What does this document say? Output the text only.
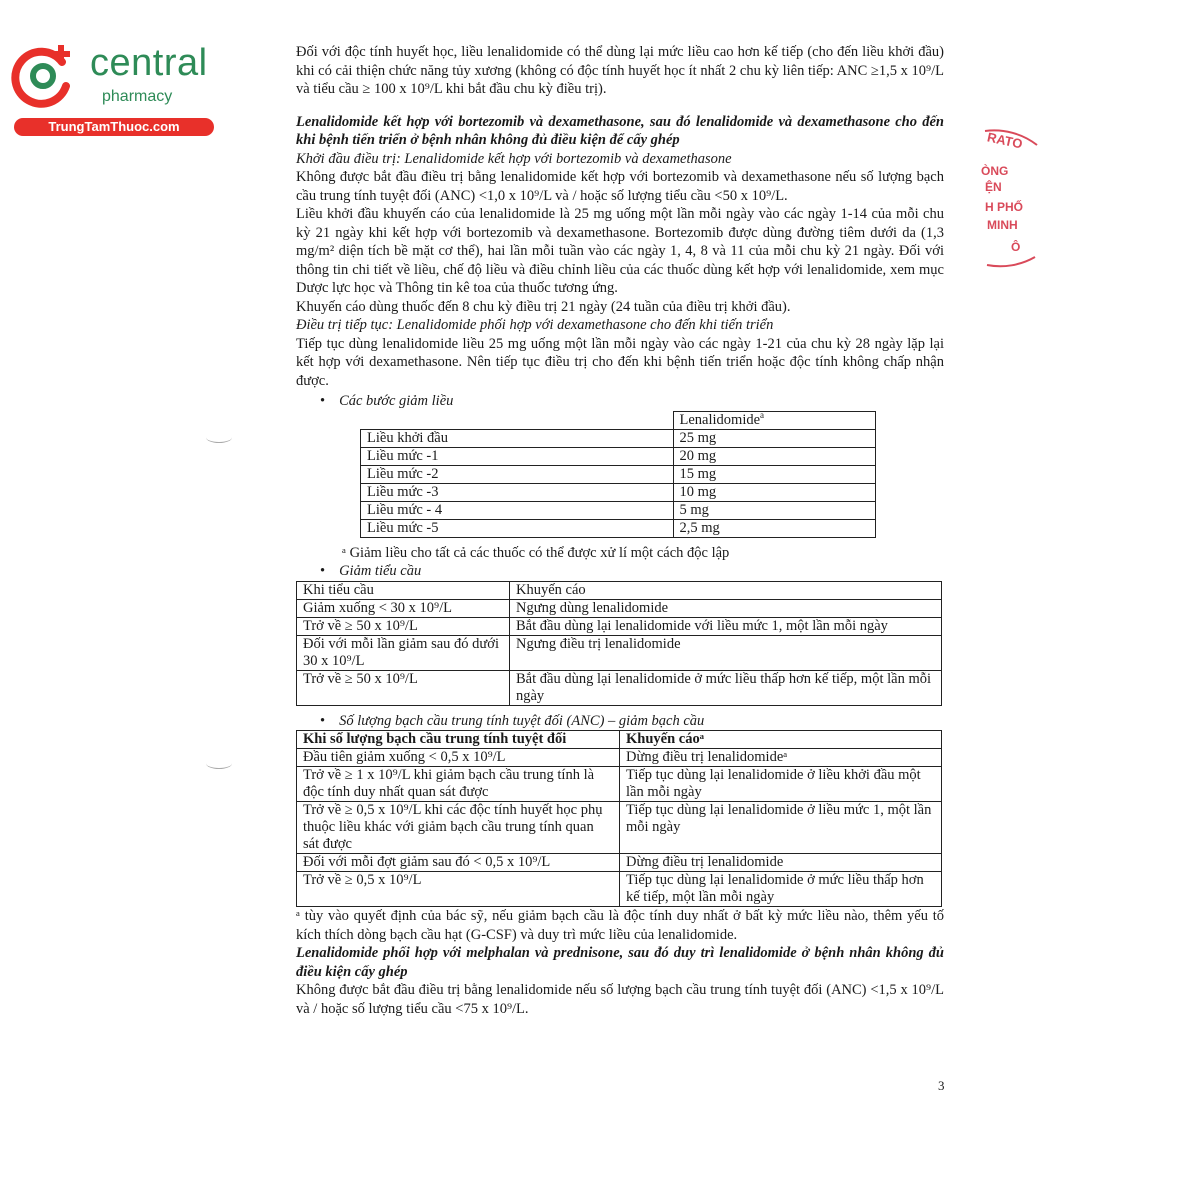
central
pharmacy
TrungTamThuoc.com
RATO
ÒNG
ỆN
H PHỐ
MINH
Ô

Đối với độc tính huyết học, liều lenalidomide có thể dùng lại mức liều cao hơn kế tiếp (cho đến liều khởi đầu) khi có cải thiện chức năng tủy xương (không có độc tính huyết học ít nhất 2 chu kỳ liên tiếp: ANC ≥1,5 x 10⁹/L và tiểu cầu ≥ 100 x 10⁹/L khi bắt đầu chu kỳ điều trị).

Lenalidomide kết hợp với bortezomib và dexamethasone, sau đó lenalidomide và dexamethasone cho đến khi bệnh tiến triển ở bệnh nhân không đủ điều kiện để cấy ghép

Khởi đầu điều trị: Lenalidomide kết hợp với bortezomib và dexamethasone

Không được bắt đầu điều trị bằng lenalidomide kết hợp với bortezomib và dexamethasone nếu số lượng bạch cầu trung tính tuyệt đối (ANC) <1,0 x 10⁹/L và / hoặc số lượng tiểu cầu <50 x 10⁹/L.

Liều khởi đầu khuyến cáo của lenalidomide là 25 mg uống một lần mỗi ngày vào các ngày 1-14 của mỗi chu kỳ 21 ngày khi kết hợp với bortezomib và dexamethasone. Bortezomib được dùng đường tiêm dưới da (1,3 mg/m² diện tích bề mặt cơ thể), hai lần mỗi tuần vào các ngày 1, 4, 8 và 11 của mỗi chu kỳ 21 ngày. Đối với thông tin chi tiết về liều, chế độ liều và điều chỉnh liều của các thuốc dùng kết hợp với lenalidomide, xem mục Dược lực học và Thông tin kê toa của thuốc tương ứng.

Khuyến cáo dùng thuốc đến 8 chu kỳ điều trị 21 ngày (24 tuần của điều trị khởi đầu).

Điều trị tiếp tục: Lenalidomide phối hợp với dexamethasone cho đến khi tiến triển

Tiếp tục dùng lenalidomide liều 25 mg uống một lần mỗi ngày vào các ngày 1-21 của chu kỳ 28 ngày lặp lại kết hợp với dexamethasone. Nên tiếp tục điều trị cho đến khi bệnh tiến triển hoặc độc tính không chấp nhận được.

• Các bước giảm liều
	Lenalidomide$^a$
Liều khởi đầu	25 mg
Liều mức -1	20 mg
Liều mức -2	15 mg
Liều mức -3	10 mg
Liều mức - 4	5 mg
Liều mức -5	2,5 mg

ᵃ Giảm liều cho tất cả các thuốc có thể được xử lí một cách độc lập

• Giảm tiểu cầu
Khi tiểu cầu	Khuyến cáo
Giảm xuống < 30 x 10⁹/L	Ngưng dùng lenalidomide
Trở về ≥ 50 x 10⁹/L	Bắt đầu dùng lại lenalidomide với liều mức 1, một lần mỗi ngày
Đối với mỗi lần giảm sau đó dưới 30 x 10⁹/L	Ngưng điều trị lenalidomide
Trở về ≥ 50 x 10⁹/L	Bắt đầu dùng lại lenalidomide ở mức liều thấp hơn kế tiếp, một lần mỗi ngày
• Số lượng bạch cầu trung tính tuyệt đối (ANC) – giảm bạch cầu
Khi số lượng bạch cầu trung tính tuyệt đối	Khuyến cáoᵃ
Đầu tiên giảm xuống < 0,5 x 10⁹/L	Dừng điều trị lenalidomideᵃ
Trở về ≥ 1 x 10⁹/L khi giảm bạch cầu trung tính là độc tính duy nhất quan sát được	Tiếp tục dùng lại lenalidomide ở liều khởi đầu một lần mỗi ngày
Trở về ≥ 0,5 x 10⁹/L khi các độc tính huyết học phụ thuộc liều khác với giảm bạch cầu trung tính quan sát được	Tiếp tục dùng lại lenalidomide ở liều mức 1, một lần mỗi ngày
Đối với mỗi đợt giảm sau đó < 0,5 x 10⁹/L	Dừng điều trị lenalidomide
Trở về ≥ 0,5 x 10⁹/L	Tiếp tục dùng lại lenalidomide ở mức liều thấp hơn kế tiếp, một lần mỗi ngày

ᵃ tùy vào quyết định của bác sỹ, nếu giảm bạch cầu là độc tính duy nhất ở bất kỳ mức liều nào, thêm yếu tố kích thích dòng bạch cầu hạt (G-CSF) và duy trì mức liều của lenalidomide.

Lenalidomide phối hợp với melphalan và prednisone, sau đó duy trì lenalidomide ở bệnh nhân không đủ điều kiện cấy ghép

Không được bắt đầu điều trị bằng lenalidomide nếu số lượng bạch cầu trung tính tuyệt đối (ANC) <1,5 x 10⁹/L và / hoặc số lượng tiểu cầu <75 x 10⁹/L.

3
